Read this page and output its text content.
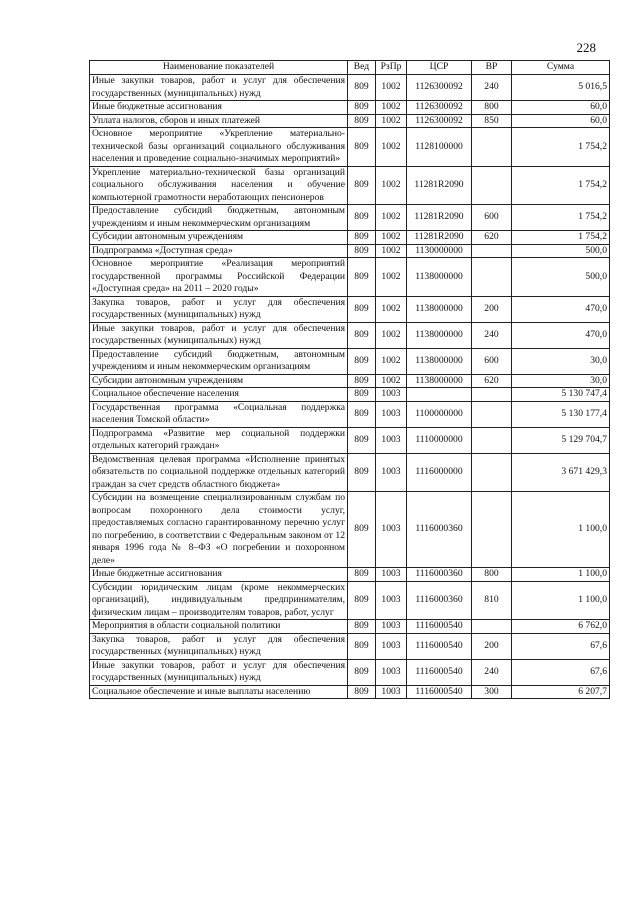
228
Наименование показателей	Вед	РзПр	ЦСР	ВР	Сумма
Иные закупки товаров, работ и услуг для обеспечения государственных (муниципальных) нужд	809	1002	1126300092	240	5 016,5
Иные бюджетные ассигнования	809	1002	1126300092	800	60,0
Уплата налогов, сборов и иных платежей	809	1002	1126300092	850	60,0
Основное мероприятие «Укрепление материально-технической базы организаций социального обслуживания населения и проведение социально-значимых мероприятий»	809	1002	1128100000		1 754,2
Укрепление материально-технической базы организаций социального обслуживания населения и обучение компьютерной грамотности неработающих пенсионеров	809	1002	11281R2090		1 754,2
Предоставление субсидий бюджетным, автономным учреждениям и иным некоммерческим организациям	809	1002	11281R2090	600	1 754,2
Субсидии автономным учреждениям	809	1002	11281R2090	620	1 754,2
Подпрограмма «Доступная среда»	809	1002	1130000000		500,0
Основное мероприятие «Реализация мероприятий государственной программы Российской Федерации «Доступная среда» на 2011 – 2020 годы»	809	1002	1138000000		500,0
Закупка товаров, работ и услуг для обеспечения государственных (муниципальных) нужд	809	1002	1138000000	200	470,0
Иные закупки товаров, работ и услуг для обеспечения государственных (муниципальных) нужд	809	1002	1138000000	240	470,0
Предоставление субсидий бюджетным, автономным учреждениям и иным некоммерческим организациям	809	1002	1138000000	600	30,0
Субсидии автономным учреждениям	809	1002	1138000000	620	30,0
Социальное обеспечение населения	809	1003			5 130 747,4
Государственная программа «Социальная поддержка населения Томской области»	809	1003	1100000000		5 130 177,4
Подпрограмма «Развитие мер социальной поддержки отдельных категорий граждан»	809	1003	1110000000		5 129 704,7
Ведомственная целевая программа «Исполнение принятых обязательств по социальной поддержке отдельных категорий граждан за счет средств областного бюджета»	809	1003	1116000000		3 671 429,3
Субсидии на возмещение специализированным службам по вопросам похоронного дела стоимости услуг, предоставляемых согласно гарантированному перечню услуг по погребению, в соответствии с Федеральным законом от 12 января 1996 года № 8–ФЗ «О погребении и похоронном деле»	809	1003	1116000360		1 100,0
Иные бюджетные ассигнования	809	1003	1116000360	800	1 100,0
Субсидии юридическим лицам (кроме некоммерческих организаций), индивидуальным предпринимателям, физическим лицам – производителям товаров, работ, услуг	809	1003	1116000360	810	1 100,0
Мероприятия в области социальной политики	809	1003	1116000540		6 762,0
Закупка товаров, работ и услуг для обеспечения государственных (муниципальных) нужд	809	1003	1116000540	200	67,6
Иные закупки товаров, работ и услуг для обеспечения государственных (муниципальных) нужд	809	1003	1116000540	240	67,6
Социальное обеспечение и иные выплаты населению	809	1003	1116000540	300	6 207,7
